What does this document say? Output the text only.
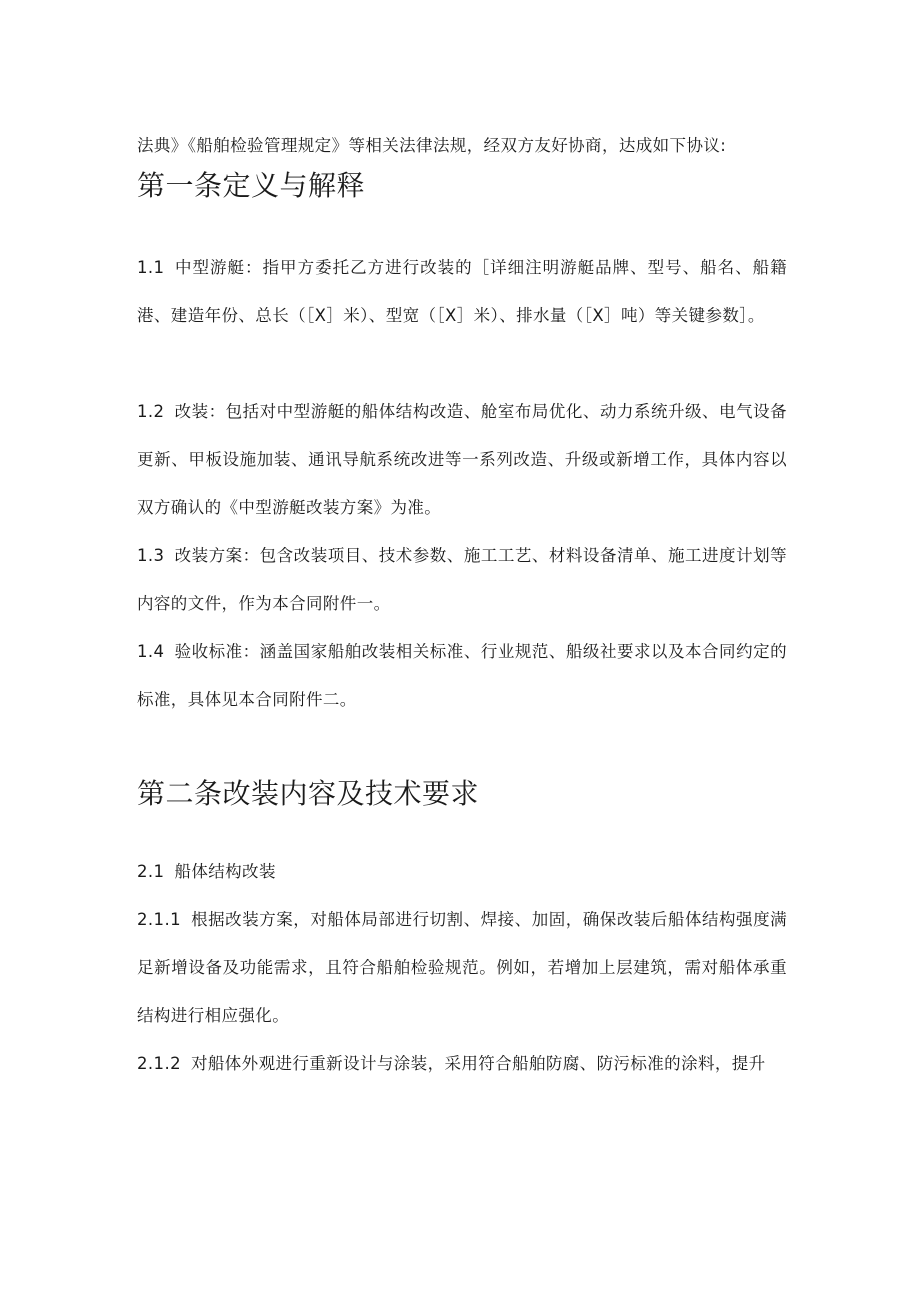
法典》《船舶检验管理规定》等相关法律法规，经双方友好协商，达成如下协议:

第一条定义与解释

1.1 中型游艇：指甲方委托乙方进行改装的［详细注明游艇品牌、型号、船名、船籍港、建造年份、总长（［X］米）、型宽（［X］米）、排水量（［X］吨）等关键参数］。

1.2 改装：包括对中型游艇的船体结构改造、舱室布局优化、动力系统升级、电气设备更新、甲板设施加装、通讯导航系统改进等一系列改造、升级或新增工作，具体内容以双方确认的《中型游艇改装方案》为准。

1.3 改装方案：包含改装项目、技术参数、施工工艺、材料设备清单、施工进度计划等内容的文件，作为本合同附件一。

1.4 验收标准：涵盖国家船舶改装相关标准、行业规范、船级社要求以及本合同约定的标准，具体见本合同附件二。

第二条改装内容及技术要求

2.1 船体结构改装

2.1.1 根据改装方案，对船体局部进行切割、焊接、加固，确保改装后船体结构强度满足新增设备及功能需求，且符合船舶检验规范。例如，若增加上层建筑，需对船体承重结构进行相应强化。

2.1.2 对船体外观进行重新设计与涂装，采用符合船舶防腐、防污标准的涂料，提升
